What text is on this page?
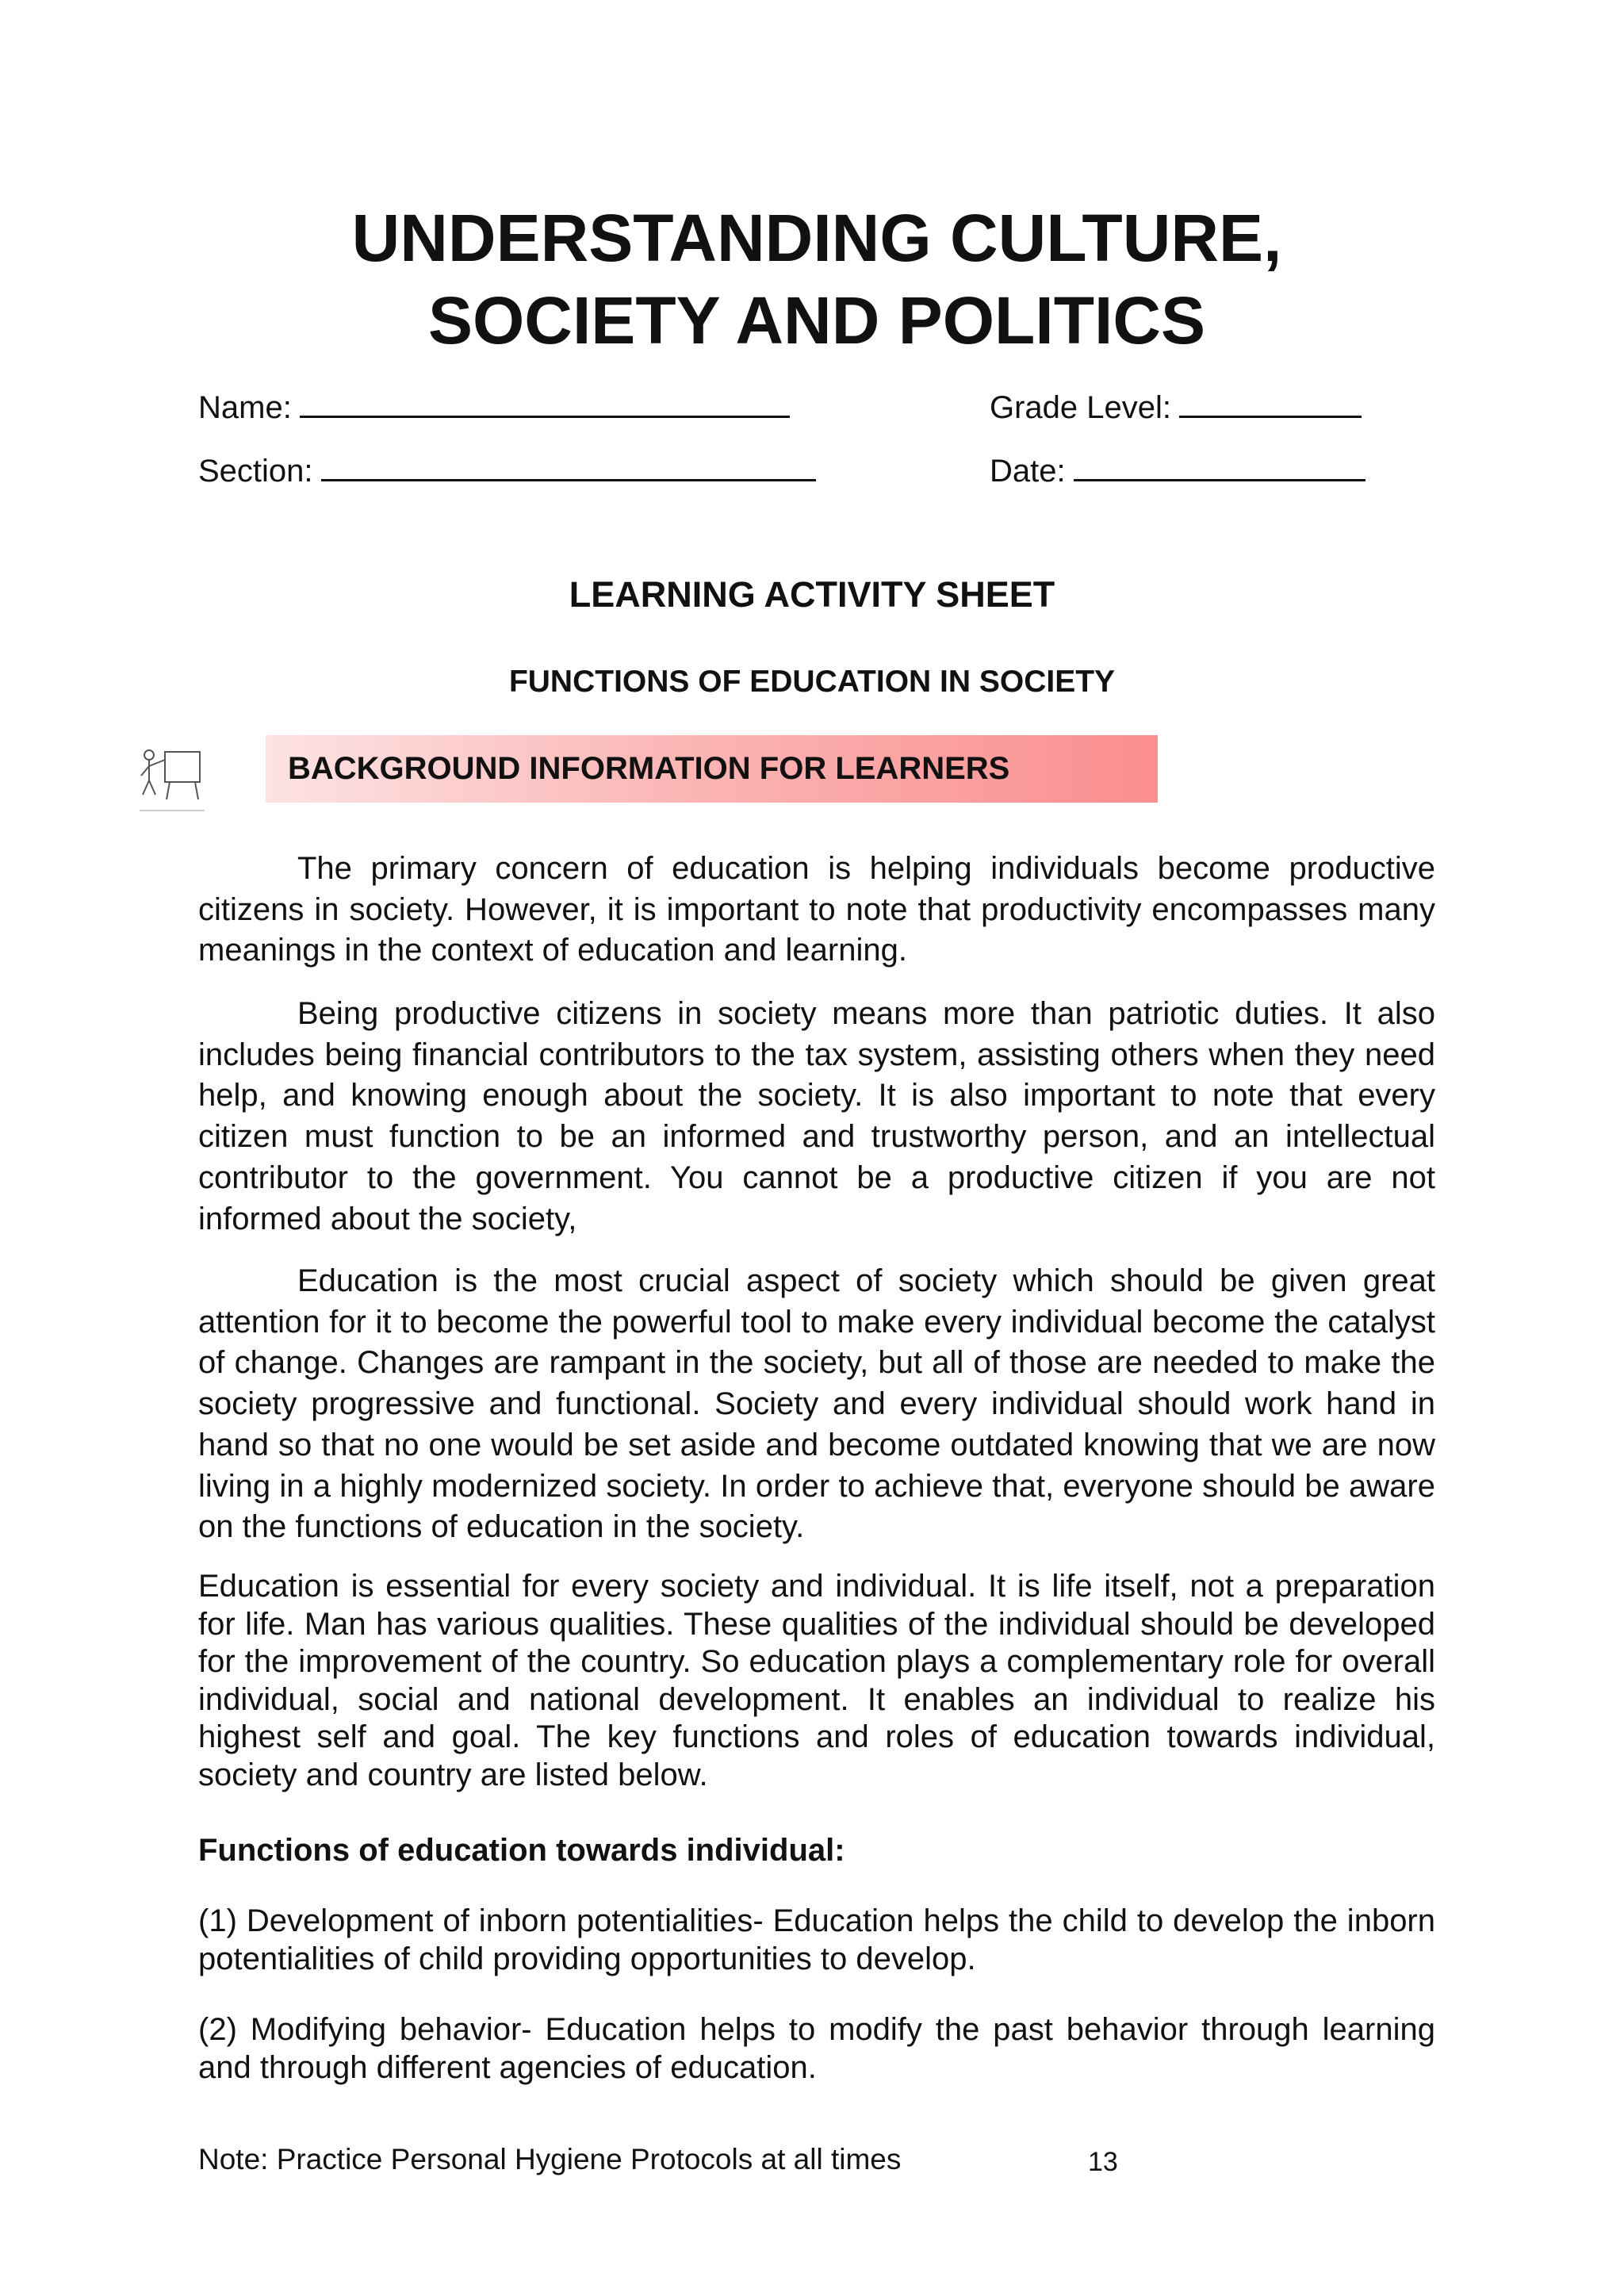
UNDERSTANDING CULTURE, SOCIETY AND POLITICS
Name:	Grade Level:
Section:	Date:
LEARNING ACTIVITY SHEET
FUNCTIONS OF EDUCATION IN SOCIETY
BACKGROUND INFORMATION FOR LEARNERS

The primary concern of education is helping individuals become productive citizens in society. However, it is important to note that productivity encompasses many meanings in the context of education and learning.

Being productive citizens in society means more than patriotic duties. It also includes being financial contributors to the tax system, assisting others when they need help, and knowing enough about the society. It is also important to note that every citizen must function to be an informed and trustworthy person, and an intellectual contributor to the government. You cannot be a productive citizen if you are not informed about the society,

Education is the most crucial aspect of society which should be given great attention for it to become the powerful tool to make every individual become the catalyst of change. Changes are rampant in the society, but all of those are needed to make the society progressive and functional. Society and every individual should work hand in hand so that no one would be set aside and become outdated knowing that we are now living in a highly modernized society. In order to achieve that, everyone should be aware on the functions of education in the society.

Education is essential for every society and individual. It is life itself, not a preparation for life. Man has various qualities. These qualities of the individual should be developed for the improvement of the country. So education plays a complementary role for overall individual, social and national development. It enables an individual to realize his highest self and goal. The key functions and roles of education towards individual, society and country are listed below.

Functions of education towards individual:

(1) Development of inborn potentialities- Education helps the child to develop the inborn potentialities of child providing opportunities to develop.

(2) Modifying behavior- Education helps to modify the past behavior through learning and through different agencies of education.

Note: Practice Personal Hygiene Protocols at all times	13
